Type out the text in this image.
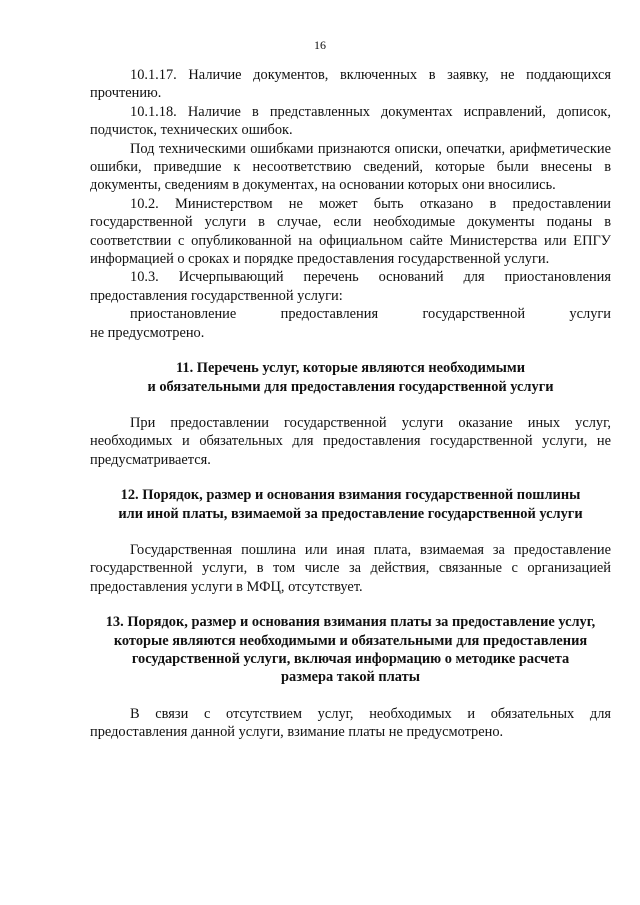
16

10.1.17. Наличие документов, включенных в заявку, не поддающихся прочтению.

10.1.18. Наличие в представленных документах исправлений, дописок, подчисток, технических ошибок.

Под техническими ошибками признаются описки, опечатки, арифметические ошибки, приведшие к несоответствию сведений, которые были внесены в документы, сведениям в документах, на основании которых они вносились.

10.2. Министерством не может быть отказано в предоставлении государственной услуги в случае, если необходимые документы поданы в соответствии с опубликованной на официальном сайте Министерства или ЕПГУ информацией о сроках и порядке предоставления государственной услуги.

10.3. Исчерпывающий перечень оснований для приостановления предоставления государственной услуги:

приостановление предоставления государственной услуги

не предусмотрено.

11. Перечень услуг, которые являются необходимыми
и обязательными для предоставления государственной услуги

При предоставлении государственной услуги оказание иных услуг, необходимых и обязательных для предоставления государственной услуги, не предусматривается.

12. Порядок, размер и основания взимания государственной пошлины
или иной платы, взимаемой за предоставление государственной услуги

Государственная пошлина или иная плата, взимаемая за предоставление государственной услуги, в том числе за действия, связанные с организацией предоставления услуги в МФЦ, отсутствует.

13. Порядок, размер и основания взимания платы за предоставление услуг,
которые являются необходимыми и обязательными для предоставления
государственной услуги, включая информацию о методике расчета
размера такой платы

В связи с отсутствием услуг, необходимых и обязательных для предоставления данной услуги, взимание платы не предусмотрено.
